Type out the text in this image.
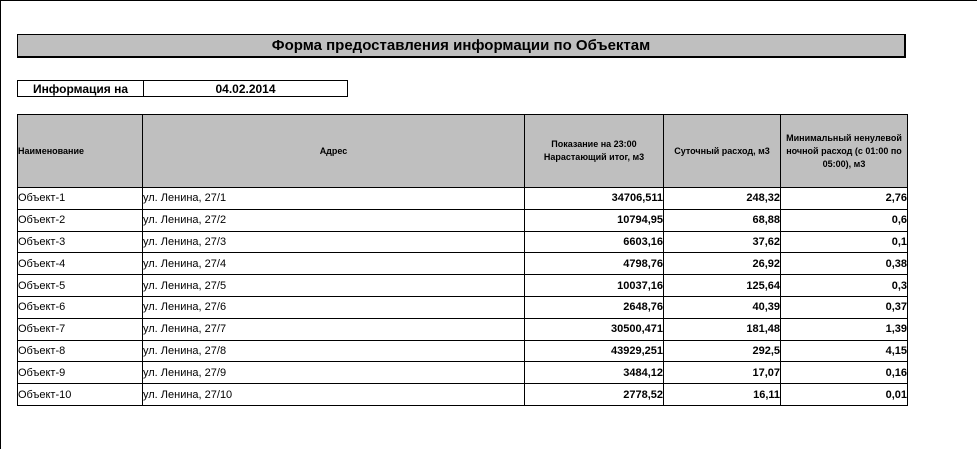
Форма предоставления информации по Объектам
Информация на	04.02.2014
Наименование	Адрес	Показание на 23:00 Нарастающий итог, м3	Суточный расход, м3	Минимальный ненулевой ночной расход (с 01:00 по 05:00), м3
Объект-1	ул. Ленина, 27/1	34706,511	248,32	2,76
Объект-2	ул. Ленина, 27/2	10794,95	68,88	0,6
Объект-3	ул. Ленина, 27/3	6603,16	37,62	0,1
Объект-4	ул. Ленина, 27/4	4798,76	26,92	0,38
Объект-5	ул. Ленина, 27/5	10037,16	125,64	0,3
Объект-6	ул. Ленина, 27/6	2648,76	40,39	0,37
Объект-7	ул. Ленина, 27/7	30500,471	181,48	1,39
Объект-8	ул. Ленина, 27/8	43929,251	292,5	4,15
Объект-9	ул. Ленина, 27/9	3484,12	17,07	0,16
Объект-10	ул. Ленина, 27/10	2778,52	16,11	0,01
